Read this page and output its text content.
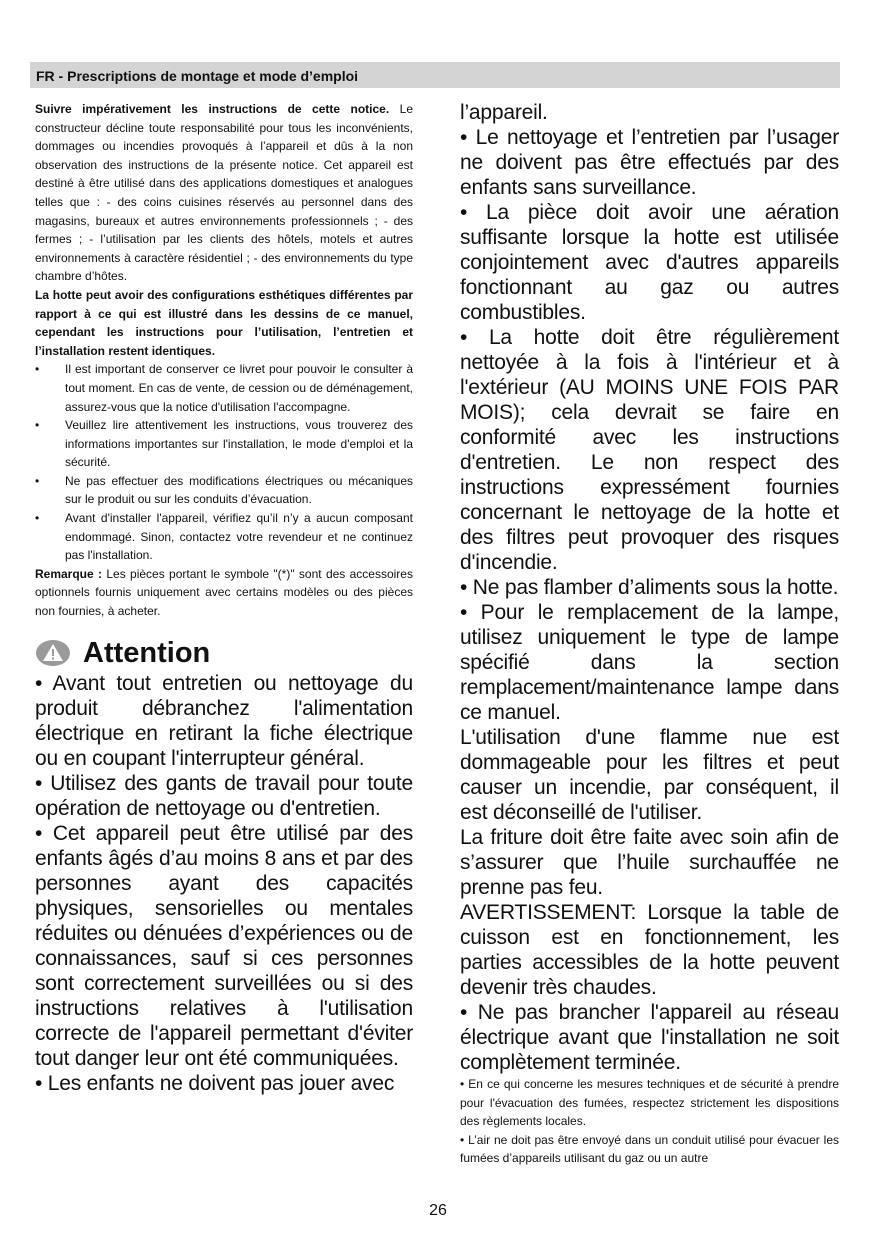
FR - Prescriptions de montage et mode d’emploi

Suivre impérativement les instructions de cette notice. Le constructeur décline toute responsabilité pour tous les inconvénients, dommages ou incendies provoqués à l’appareil et dûs à la non observation des instructions de la présente notice. Cet appareil est destiné à être utilisé dans des applications domestiques et analogues telles que : - des coins cuisines réservés au personnel dans des magasins, bureaux et autres environnements professionnels ; - des fermes ; - l’utilisation par les clients des hôtels, motels et autres environnements à caractère résidentiel ; - des environnements du type chambre d’hôtes.

La hotte peut avoir des configurations esthétiques différentes par rapport à ce qui est illustré dans les dessins de ce manuel, cependant les instructions pour l’utilisation, l’entretien et l’installation restent identiques.

• Il est important de conserver ce livret pour pouvoir le consulter à tout moment. En cas de vente, de cession ou de déménagement, assurez-vous que la notice d'utilisation l'accompagne.
• Veuillez lire attentivement les instructions, vous trouverez des informations importantes sur l'installation, le mode d'emploi et la sécurité.
• Ne pas effectuer des modifications électriques ou mécaniques sur le produit ou sur les conduits d’évacuation.
• Avant d'installer l'appareil, vérifiez qu’il n’y a aucun composant endommagé. Sinon, contactez votre revendeur et ne continuez pas l'installation.

Remarque : Les pièces portant le symbole "(*)" sont des accessoires optionnels fournis uniquement avec certains modèles ou des pièces non fournies, à acheter.

Attention

• Avant tout entretien ou nettoyage du produit débranchez l'alimentation électrique en retirant la fiche électrique ou en coupant l'interrupteur général.

• Utilisez des gants de travail pour toute opération de nettoyage ou d'entretien.

• Cet appareil peut être utilisé par des enfants âgés d’au moins 8 ans et par des personnes ayant des capacités physiques, sensorielles ou mentales réduites ou dénuées d’expériences ou de connaissances, sauf si ces personnes sont correctement surveillées ou si des instructions relatives à l'utilisation correcte de l'appareil permettant d'éviter tout danger leur ont été communiquées.

• Les enfants ne doivent pas jouer avec

l’appareil.

• Le nettoyage et l’entretien par l’usager ne doivent pas être effectués par des enfants sans surveillance.

• La pièce doit avoir une aération suffisante lorsque la hotte est utilisée conjointement avec d'autres appareils fonctionnant au gaz ou autres combustibles.

• La hotte doit être régulièrement nettoyée à la fois à l'intérieur et à l'extérieur (AU MOINS UNE FOIS PAR MOIS); cela devrait se faire en conformité avec les instructions d'entretien. Le non respect des instructions expressément fournies concernant le nettoyage de la hotte et des filtres peut provoquer des risques d'incendie.

• Ne pas flamber d’aliments sous la hotte.

• Pour le remplacement de la lampe, utilisez uniquement le type de lampe spécifié dans la section remplacement/maintenance lampe dans ce manuel.

L'utilisation d'une flamme nue est dommageable pour les filtres et peut causer un incendie, par conséquent, il est déconseillé de l'utiliser.

La friture doit être faite avec soin afin de s’assurer que l’huile surchauffée ne prenne pas feu.

AVERTISSEMENT: Lorsque la table de cuisson est en fonctionnement, les parties accessibles de la hotte peuvent devenir très chaudes.

• Ne pas brancher l'appareil au réseau électrique avant que l'installation ne soit complètement terminée.

• En ce qui concerne les mesures techniques et de sécurité à prendre pour l'évacuation des fumées, respectez strictement les dispositions des règlements locales.

• L’air ne doit pas être envoyé dans un conduit utilisé pour évacuer les fumées d’appareils utilisant du gaz ou un autre

26
